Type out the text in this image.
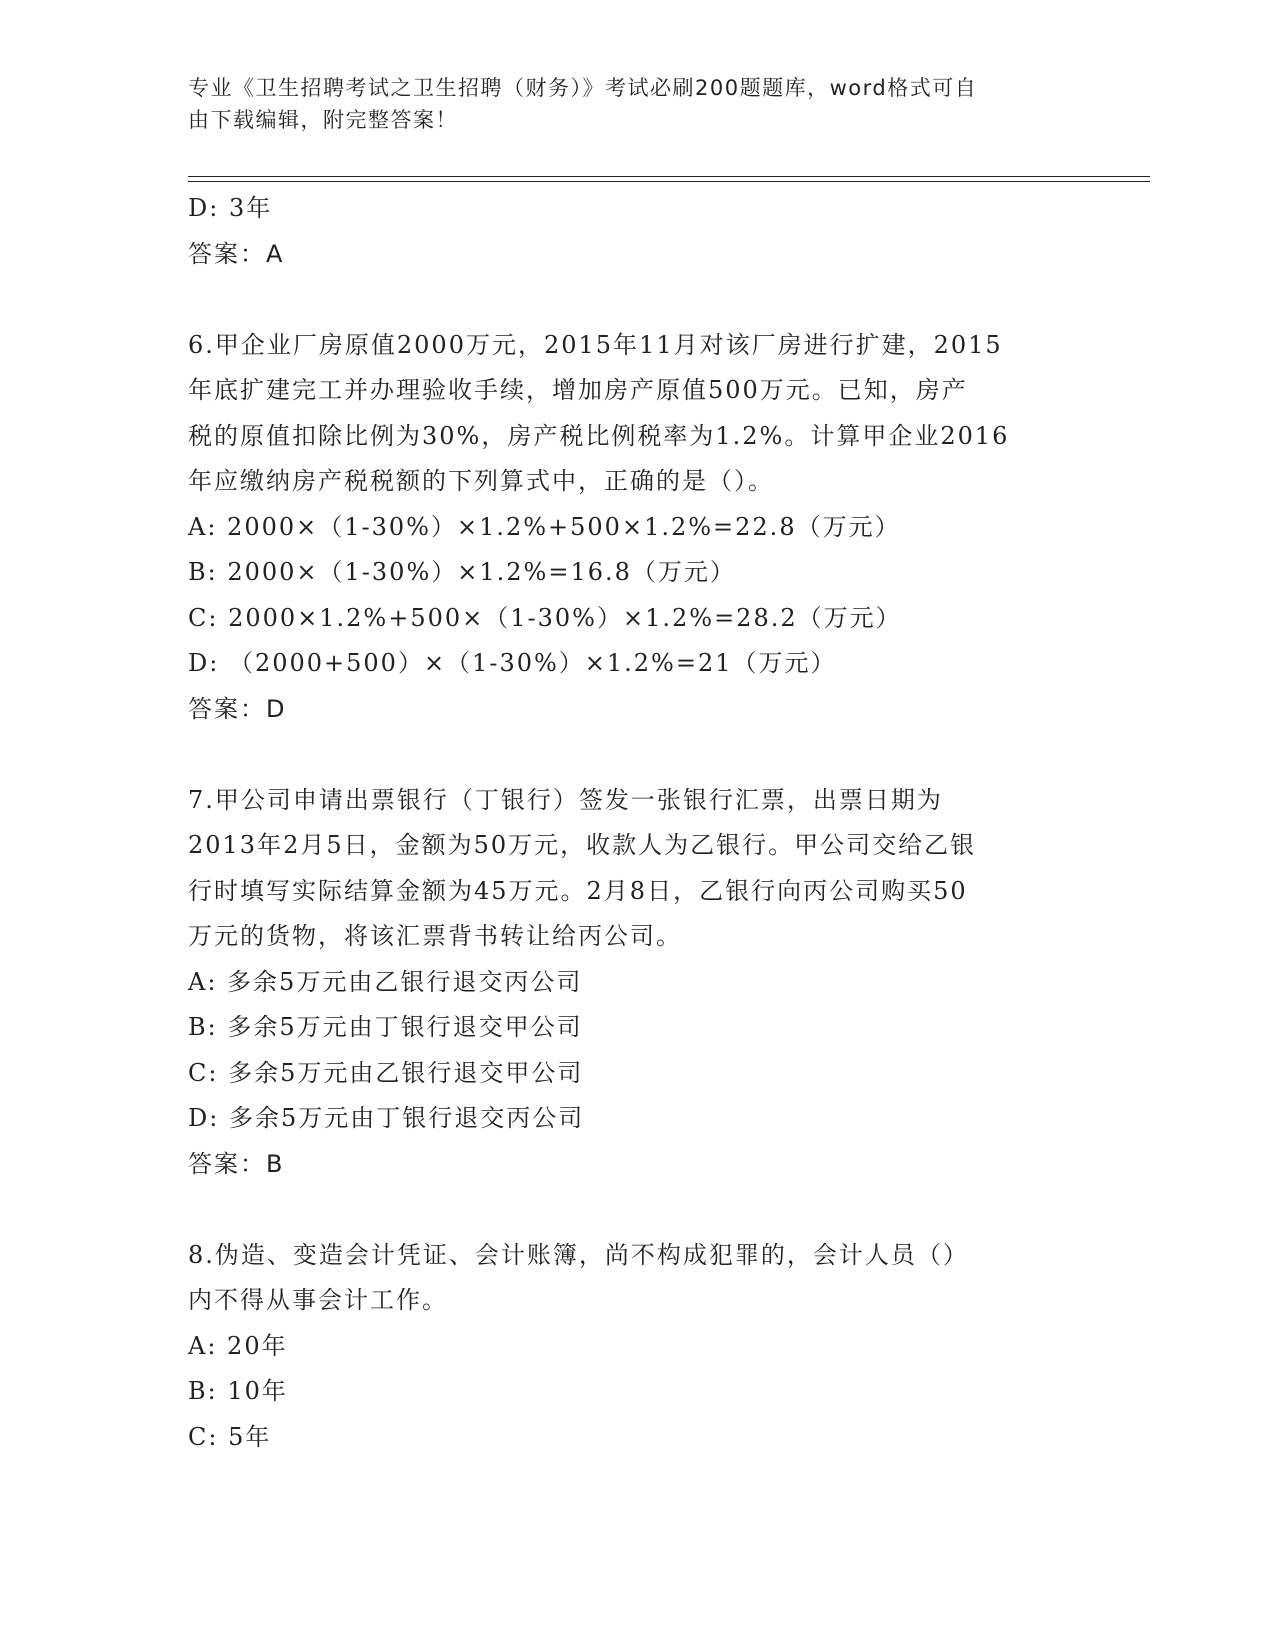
专业《卫生招聘考试之卫生招聘（财务）》考试必刷200题题库，word格式可自
由下载编辑，附完整答案！
D: 3年
答案：A
6.甲企业厂房原值2000万元，2015年11月对该厂房进行扩建，2015
年底扩建完工并办理验收手续，增加房产原值500万元。已知，房产
税的原值扣除比例为30%，房产税比例税率为1.2%。计算甲企业2016
年应缴纳房产税税额的下列算式中，正确的是（）。
A: 2000×（1-30%）×1.2%+500×1.2%=22.8（万元）
B: 2000×（1-30%）×1.2%=16.8（万元）
C: 2000×1.2%+500×（1-30%）×1.2%=28.2（万元）
D: （2000+500）×（1-30%）×1.2%=21（万元）
答案：D
7.甲公司申请出票银行（丁银行）签发一张银行汇票，出票日期为
2013年2月5日，金额为50万元，收款人为乙银行。甲公司交给乙银
行时填写实际结算金额为45万元。2月8日，乙银行向丙公司购买50
万元的货物，将该汇票背书转让给丙公司。
A: 多余5万元由乙银行退交丙公司
B: 多余5万元由丁银行退交甲公司
C: 多余5万元由乙银行退交甲公司
D: 多余5万元由丁银行退交丙公司
答案：B
8.伪造、变造会计凭证、会计账簿，尚不构成犯罪的，会计人员（）
内不得从事会计工作。
A: 20年
B: 10年
C: 5年
